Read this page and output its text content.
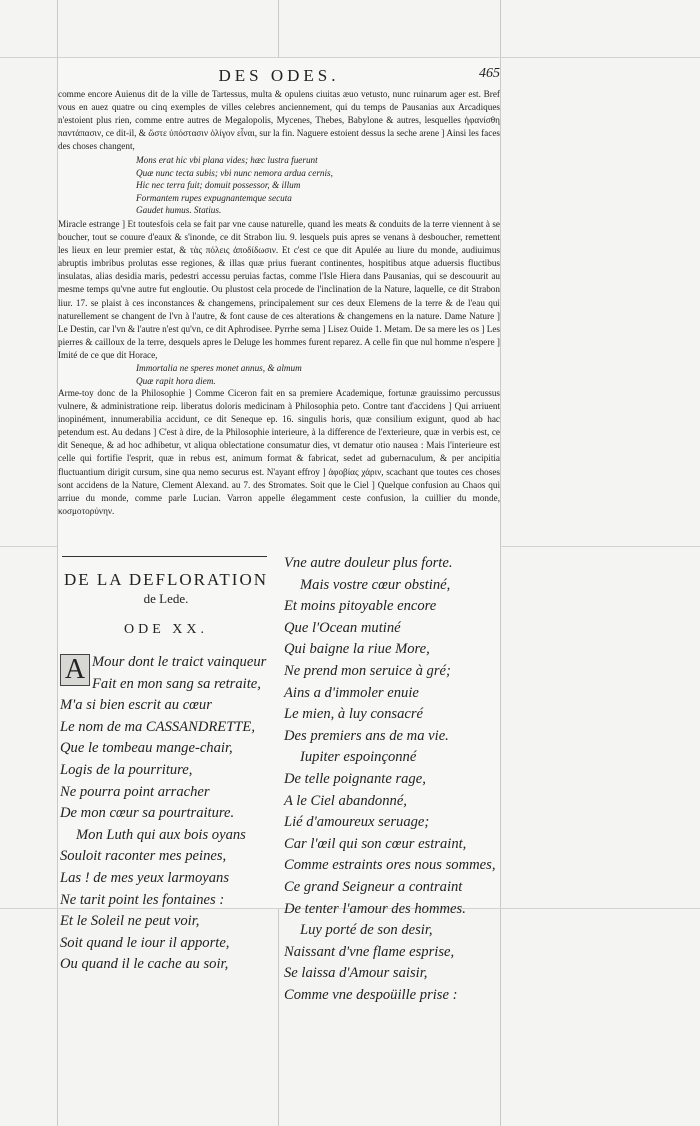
DES ODES.	465

comme encore Auienus dit de la ville de Tartessus, multa & opulens ciuitas æuo vetusto, nunc ruinarum ager est. Bref vous en auez quatre ou cinq exemples de villes celebres anciennement, qui du temps de Pausanias aux Arcadiques n'estoient plus rien, comme entre autres de Megalopolis, Mycenes, Thebes, Babylone & autres, lesquelles ἠφανίσθη παντάπασιν, ce dit-il, & ὥστε ὑπόστασιν ὀλίγον εἶναι, sur la fin. Naguere estoient dessus la seche arene ] Ainsi les faces des choses changent,

Mons erat hic vbi plana vides; hæc lustra fuerunt
Quæ nunc tecta subis; vbi nunc nemora ardua cernis,
Hic nec terra fuit; domuit possessor, & illum
Formantem rupes expugnantemque secuta
Gaudet humus. Statius.

Miracle estrange ] Et toutesfois cela se fait par vne cause naturelle, quand les meats & conduits de la terre viennent à se boucher, tout se couure d'eaux & s'inonde, ce dit Strabon liu. 9. lesquels puis apres se venans à desboucher, remettent les lieux en leur premier estat, & τὰς πόλεις ἀποδίδωσιν. Et c'est ce que dit Apulée au liure du monde, audiuimus abruptis imbribus prolutas esse regiones, & illas quæ prius fuerant continentes, hospitibus atque aduersis fluctibus insulatas, alias desidia maris, pedestri accessu peruias factas, comme l'Isle Hiera dans Pausanias, qui se descouurit au mesme temps qu'vne autre fut engloutie. Ou plustost cela procede de l'inclination de la Nature, laquelle, ce dit Strabon liur. 17. se plaist à ces inconstances & changemens, principalement sur ces deux Elemens de la terre & de l'eau qui naturellement se changent de l'vn à l'autre, & font cause de ces alterations & changemens en la nature. Dame Nature ] Le Destin, car l'vn & l'autre n'est qu'vn, ce dit Aphrodisee. Pyrrhe sema ] Lisez Ouide 1. Metam. De sa mere les os ] Les pierres & cailloux de la terre, desquels apres le Deluge les hommes furent reparez. A celle fin que nul homme n'espere ] Imité de ce que dit Horace,

Immortalia ne speres monet annus, & almum
Quæ rapit hora diem.

Arme-toy donc de la Philosophie ] Comme Ciceron fait en sa premiere Academique, fortunæ grauissimo percussus vulnere, & administratione reip. liberatus doloris medicinam à Philosophia peto. Contre tant d'accidens ] Qui arriuent inopinément, innumerabilia accidunt, ce dit Seneque ep. 16. singulis horis, quæ consilium exigunt, quod ab hac petendum est. Au dedans ] C'est à dire, de la Philosophie interieure, à la difference de l'exterieure, quæ in verbis est, ce dit Seneque, & ad hoc adhibetur, vt aliqua oblectatione consumatur dies, vt dematur otio nausea : Mais l'interieure est celle qui fortifie l'esprit, quæ in rebus est, animum format & fabricat, sedet ad gubernaculum, & per ancipitia fluctuantium dirigit cursum, sine qua nemo securus est. N'ayant effroy ] ἀφοβίας χάριν, scachant que toutes ces choses sont accidens de la Nature, Clement Alexand. au 7. des Stromates. Soit que le Ciel ] Quelque confusion au Chaos qui arriue du monde, comme parle Lucian. Varron appelle élegamment ceste confusion, la cuillier du monde, κοσμοτορύνην.

DE LA DEFLORATION
de Lede.
ODE XX.
A Mour dont le traict vainqueur
Fait en mon sang sa retraite,
M'a si bien escrit au cœur
Le nom de ma CASSANDRETTE,
Que le tombeau mange-chair,
Logis de la pourriture,
Ne pourra point arracher
De mon cœur sa pourtraiture.
Mon Luth qui aux bois oyans
Souloit raconter mes peines,
Las ! de mes yeux larmoyans
Ne tarit point les fontaines :
Et le Soleil ne peut voir,
Soit quand le iour il apporte,
Ou quand il le cache au soir,
Vne autre douleur plus forte.
Mais vostre cœur obstiné,
Et moins pitoyable encore
Que l'Ocean mutiné
Qui baigne la riue More,
Ne prend mon seruice à gré;
Ains a d'immoler enuie
Le mien, à luy consacré
Des premiers ans de ma vie.
Iupiter espoinçonné
De telle poignante rage,
A le Ciel abandonné,
Lié d'amoureux seruage;
Car l'œil qui son cœur estraint,
Comme estraints ores nous sommes,
Ce grand Seigneur a contraint
De tenter l'amour des hommes.
Luy porté de son desir,
Naissant d'vne flame esprise,
Se laissa d'Amour saisir,
Comme vne despoüille prise :
